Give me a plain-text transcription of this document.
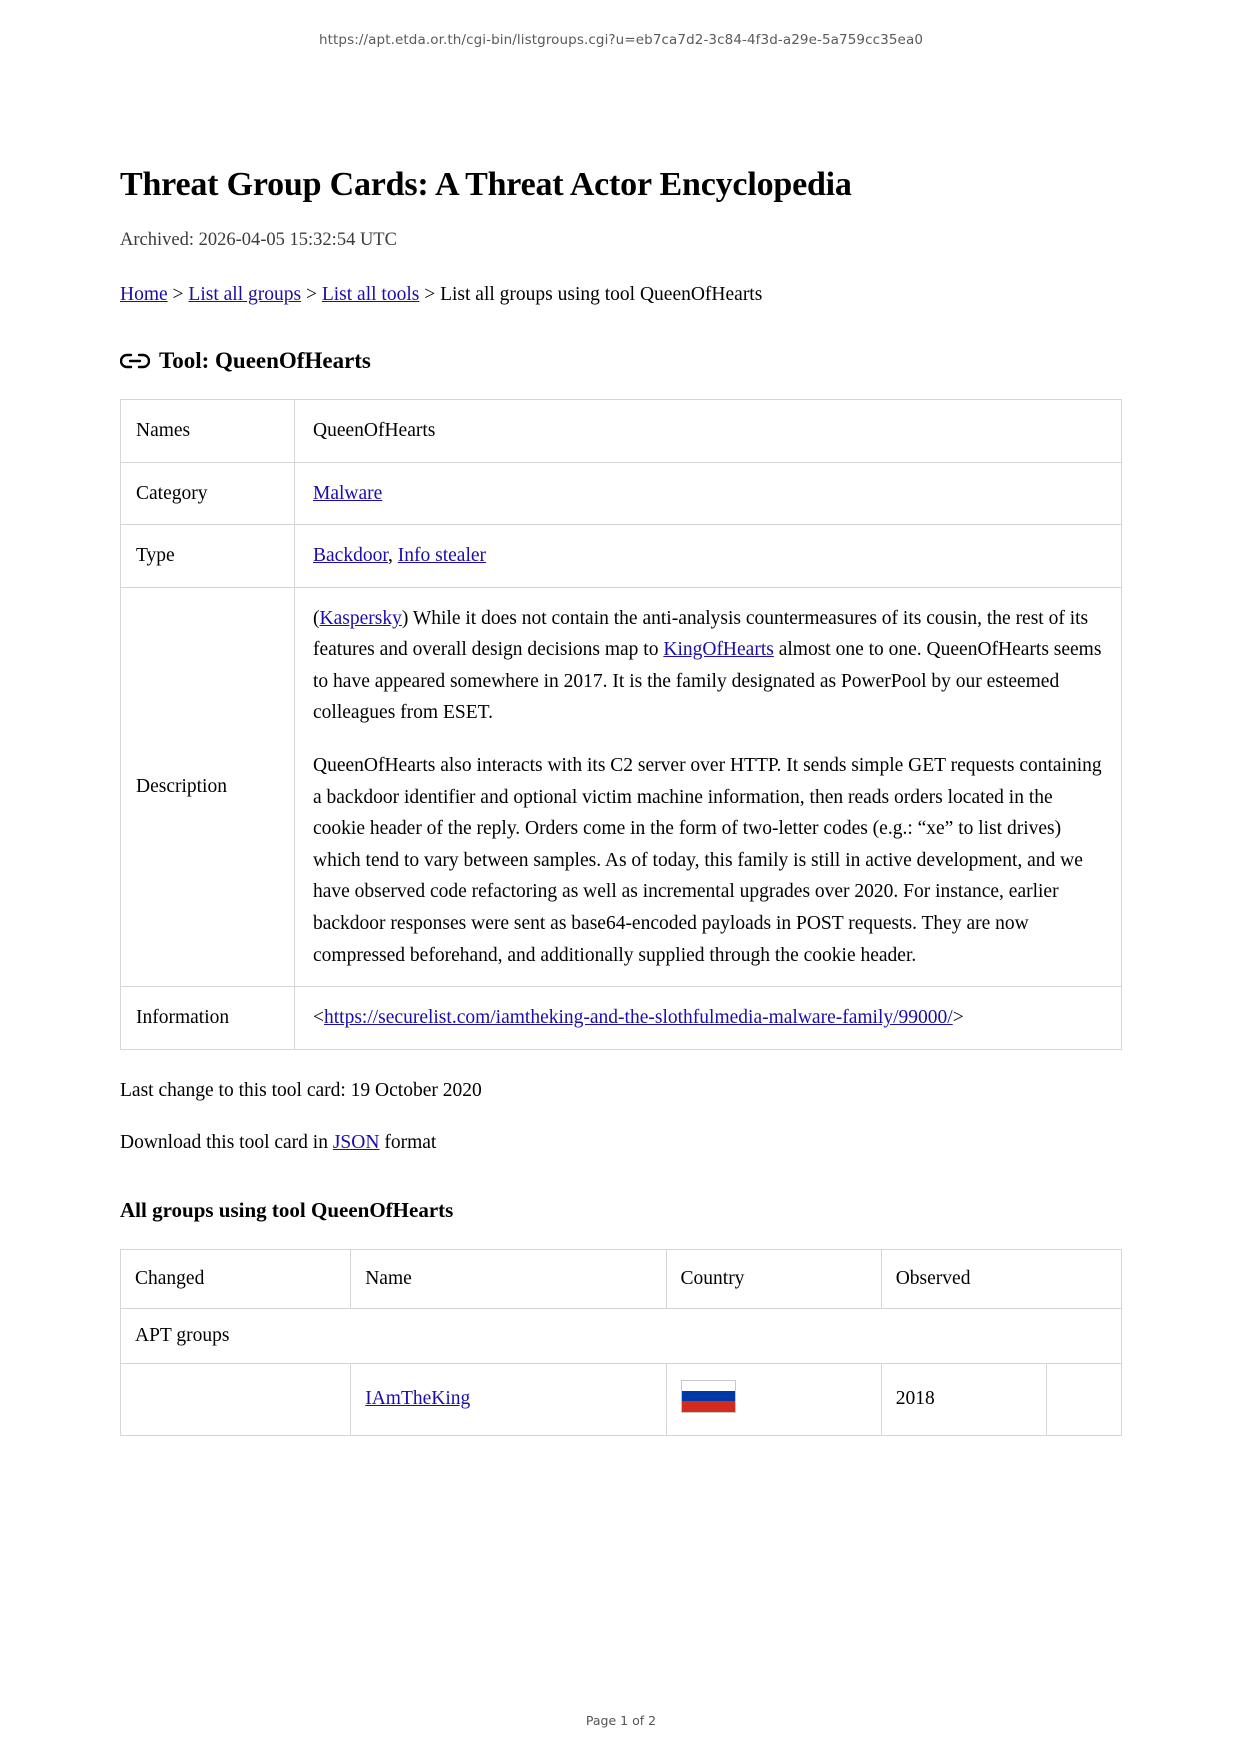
https://apt.etda.or.th/cgi-bin/listgroups.cgi?u=eb7ca7d2-3c84-4f3d-a29e-5a759cc35ea0
Threat Group Cards: A Threat Actor Encyclopedia
Archived: 2026-04-05 15:32:54 UTC
Home > List all groups > List all tools > List all groups using tool QueenOfHearts
Tool: QueenOfHearts
Names	QueenOfHearts
Category	Malware
Type	Backdoor, Info stealer
Description	(Kaspersky) While it does not contain the anti-analysis countermeasures of its cousin, the rest of its features and overall design decisions map to KingOfHearts almost one to one. QueenOfHearts seems to have appeared somewhere in 2017. It is the family designated as PowerPool by our esteemed colleagues from ESET.

QueenOfHearts also interacts with its C2 server over HTTP. It sends simple GET requests containing a backdoor identifier and optional victim machine information, then reads orders located in the cookie header of the reply. Orders come in the form of two-letter codes (e.g.: “xe” to list drives) which tend to vary between samples. As of today, this family is still in active development, and we have observed code refactoring as well as incremental upgrades over 2020. For instance, earlier backdoor responses were sent as base64-encoded payloads in POST requests. They are now compressed beforehand, and additionally supplied through the cookie header.

Information	<https://securelist.com/iamtheking-and-the-slothfulmedia-malware-family/99000/>
Last change to this tool card: 19 October 2020
Download this tool card in JSON format
All groups using tool QueenOfHearts
Changed	Name	Country	Observed	
APT groups				
	IAmTheKing		2018	
Page 1 of 2
